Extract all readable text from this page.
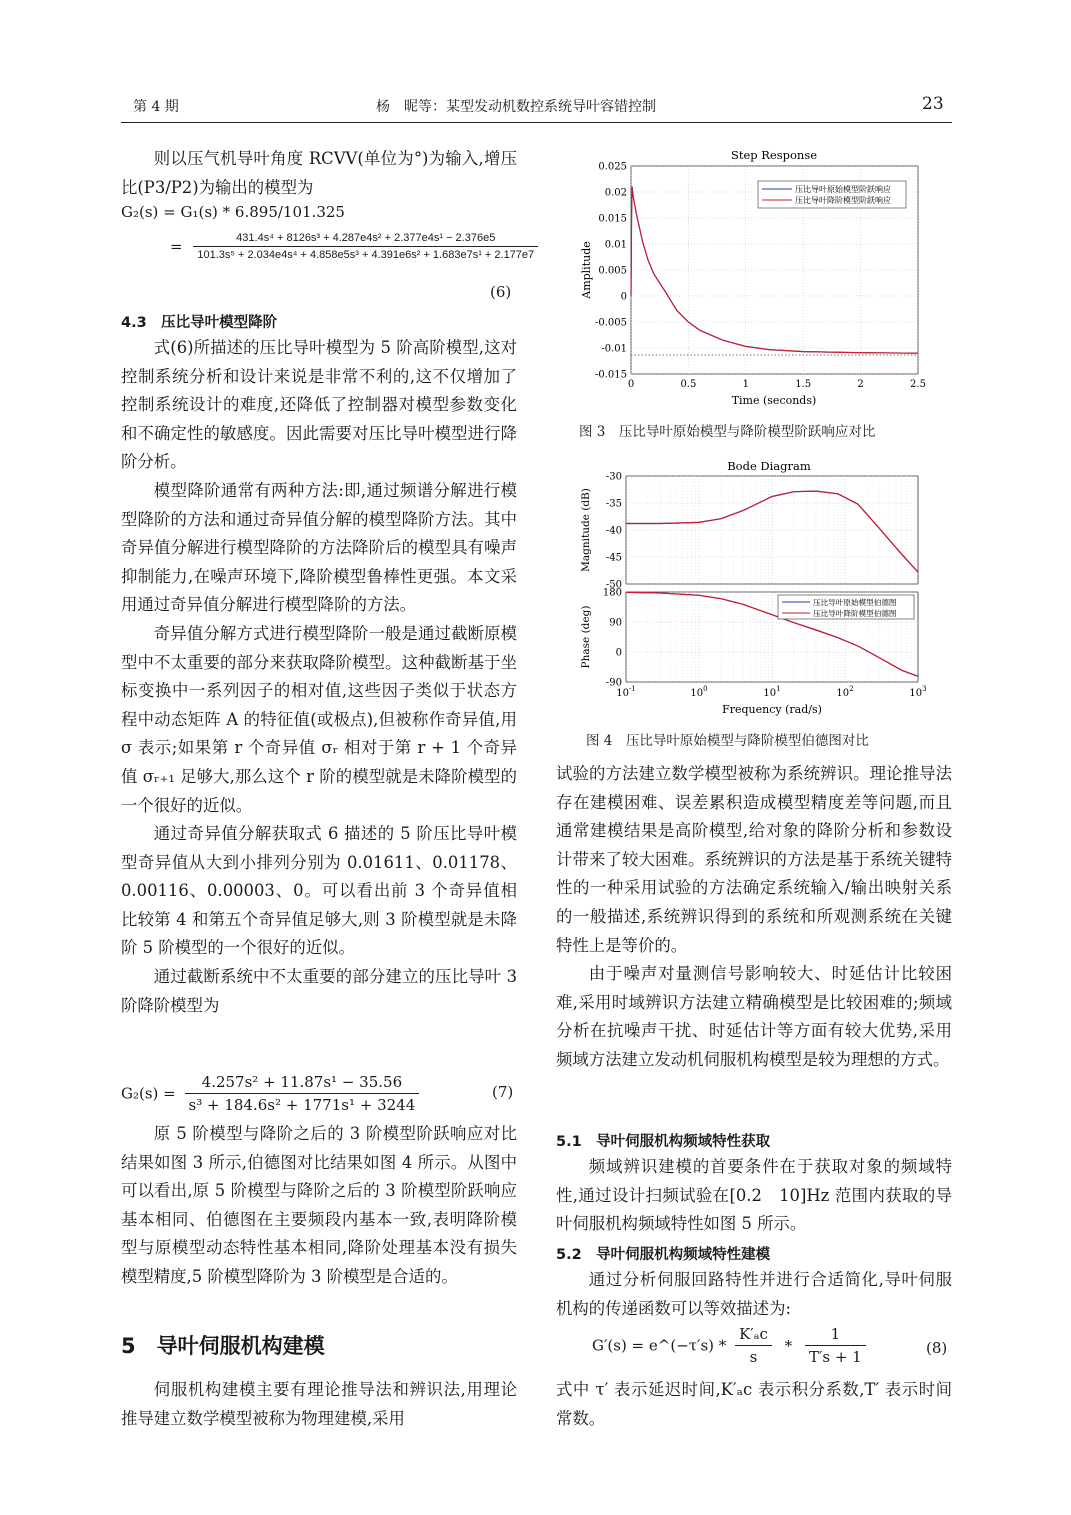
第 4 期	杨　昵等：某型发动机数控系统导叶容错控制	23

则以压气机导叶角度 RCVV(单位为°)为输入,增压比(P3/P2)为输出的模型为

G₂(s) = G₁(s) * 6.895/101.325
=	431.4s⁴ + 8126s³ + 4.287e4s² + 2.377e4s¹ − 2.376e5
101.3s⁵ + 2.034e4s⁴ + 4.858e5s³ + 4.391e6s² + 1.683e7s¹ + 2.177e7
(6)
4.3　压比导叶模型降阶

式(6)所描述的压比导叶模型为 5 阶高阶模型,这对控制系统分析和设计来说是非常不利的,这不仅增加了控制系统设计的难度,还降低了控制器对模型参数变化和不确定性的敏感度。因此需要对压比导叶模型进行降阶分析。

模型降阶通常有两种方法:即,通过频谱分解进行模型降阶的方法和通过奇异值分解的模型降阶方法。其中奇异值分解进行模型降阶的方法降阶后的模型具有噪声抑制能力,在噪声环境下,降阶模型鲁棒性更强。本文采用通过奇异值分解进行模型降阶的方法。

奇异值分解方式进行模型降阶一般是通过截断原模型中不太重要的部分来获取降阶模型。这种截断基于坐标变换中一系列因子的相对值,这些因子类似于状态方程中动态矩阵 A 的特征值(或极点),但被称作奇异值,用 σ 表示;如果第 r 个奇异值 σᵣ 相对于第 r + 1 个奇异值 σᵣ₊₁ 足够大,那么这个 r 阶的模型就是未降阶模型的一个很好的近似。

通过奇异值分解获取式 6 描述的 5 阶压比导叶模型奇异值从大到小排列分别为 0.01611、0.01178、0.00116、0.00003、0。可以看出前 3 个奇异值相比较第 4 和第五个奇异值足够大,则 3 阶模型就是未降阶 5 阶模型的一个很好的近似。

通过截断系统中不太重要的部分建立的压比导叶 3 阶降阶模型为

$G_2(s) = \frac{\text{4.257s² + 11.87s¹ − 35.56}}{\text{s³ + 184.6s² + 1771s¹ + 3244}}$	(7)

原 5 阶模型与降阶之后的 3 阶模型阶跃响应对比结果如图 3 所示,伯德图对比结果如图 4 所示。从图中可以看出,原 5 阶模型与降阶之后的 3 阶模型阶跃响应基本相同、伯德图在主要频段内基本一致,表明降阶模型与原模型动态特性基本相同,降阶处理基本没有损失模型精度,5 阶模型降阶为 3 阶模型是合适的。

5　导叶伺服机构建模

伺服机构建模主要有理论推导法和辨识法,用理论推导建立数学模型被称为物理建模,采用

Step Response
0.025
0.02
0.015
0.01
0.005
0
-0.005
-0.01
-0.015
0	0.5	1	1.5	2	2.5
Time (seconds)
Amplitude
压比导叶原始模型阶跃响应
压比导叶降阶模型阶跃响应
图 3　压比导叶原始模型与降阶模型阶跃响应对比
Bode Diagram
-30
-35
-40
-45
-50
180
90
0
-90
$10^{-1}$	$10^0$	$10^1$	$10^2$	$10^3$
Frequency (rad/s)
Magnitude (dB)
Phase (deg)
压比导叶原始模型伯德图
压比导叶降阶模型伯德图
图 4　压比导叶原始模型与降阶模型伯德图对比

试验的方法建立数学模型被称为系统辨识。理论推导法存在建模困难、误差累积造成模型精度差等问题,而且通常建模结果是高阶模型,给对象的降阶分析和参数设计带来了较大困难。系统辨识的方法是基于系统关键特性的一种采用试验的方法确定系统输入/输出映射关系的一般描述,系统辨识得到的系统和所观测系统在关键特性上是等价的。

由于噪声对量测信号影响较大、时延估计比较困难,采用时域辨识方法建立精确模型是比较困难的;频域分析在抗噪声干扰、时延估计等方面有较大优势,采用频域方法建立发动机伺服机构模型是较为理想的方式。

5.1　导叶伺服机构频域特性获取

频域辨识建模的首要条件在于获取对象的频域特性,通过设计扫频试验在[0.2　10]Hz 范围内获取的导叶伺服机构频域特性如图 5 所示。

5.2　导叶伺服机构频域特性建模

通过分析伺服回路特性并进行合适简化,导叶伺服机构的传递函数可以等效描述为:

G′(s) = e^(−τ′s) * $\frac{\text{K′ₐc}}{s} * \frac{1}{T's + 1}$	(8)

式中 τ′ 表示延迟时间,K′ₐc 表示积分系数,T′ 表示时间常数。
